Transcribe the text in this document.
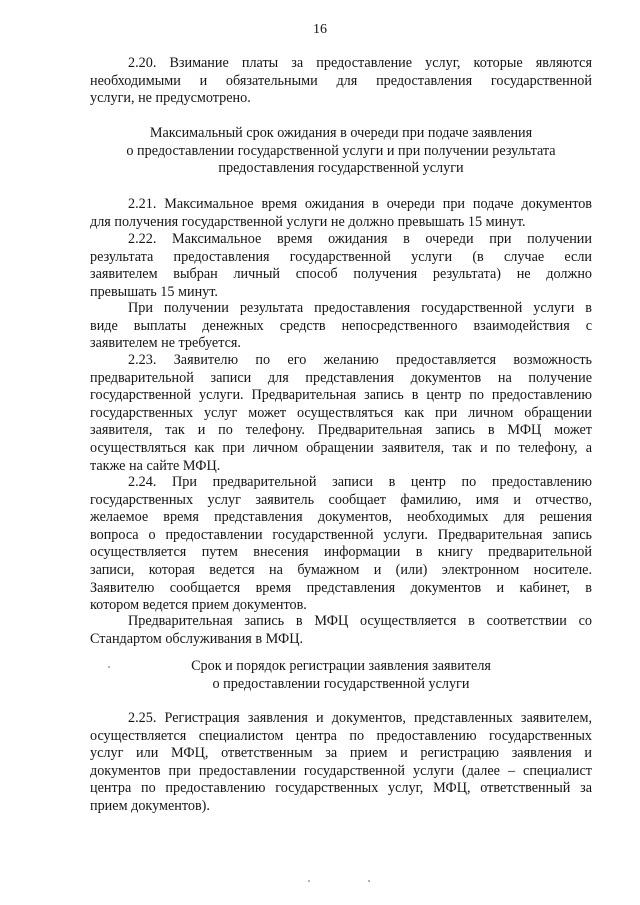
16
2.20. Взимание платы за предоставление услуг, которые являются
необходимыми и обязательными для предоставления государственной
услуги, не предусмотрено.
Максимальный срок ожидания в очереди при подаче заявления
о предоставлении государственной услуги и при получении результата
предоставления государственной услуги
2.21. Максимальное время ожидания в очереди при подаче документов
для получения государственной услуги не должно превышать 15 минут.
2.22. Максимальное время ожидания в очереди при получении
результата предоставления государственной услуги (в случае если
заявителем выбран личный способ получения результата) не должно
превышать 15 минут.
При получении результата предоставления государственной услуги в
виде выплаты денежных средств непосредственного взаимодействия с
заявителем не требуется.
2.23. Заявителю по его желанию предоставляется возможность
предварительной записи для представления документов на получение
государственной услуги. Предварительная запись в центр по предоставлению
государственных услуг может осуществляться как при личном обращении
заявителя, так и по телефону. Предварительная запись в МФЦ может
осуществляться как при личном обращении заявителя, так и по телефону, а
также на сайте МФЦ.
2.24. При предварительной записи в центр по предоставлению
государственных услуг заявитель сообщает фамилию, имя и отчество,
желаемое время представления документов, необходимых для решения
вопроса о предоставлении государственной услуги. Предварительная запись
осуществляется путем внесения информации в книгу предварительной
записи, которая ведется на бумажном и (или) электронном носителе.
Заявителю сообщается время представления документов и кабинет, в
котором ведется прием документов.
Предварительная запись в МФЦ осуществляется в соответствии со
Стандартом обслуживания в МФЦ.
Срок и порядок регистрации заявления заявителя
о предоставлении государственной услуги
2.25. Регистрация заявления и документов, представленных заявителем,
осуществляется специалистом центра по предоставлению государственных
услуг или МФЦ, ответственным за прием и регистрацию заявления и
документов при предоставлении государственной услуги (далее – специалист
центра по предоставлению государственных услуг, МФЦ, ответственный за
прием документов).
